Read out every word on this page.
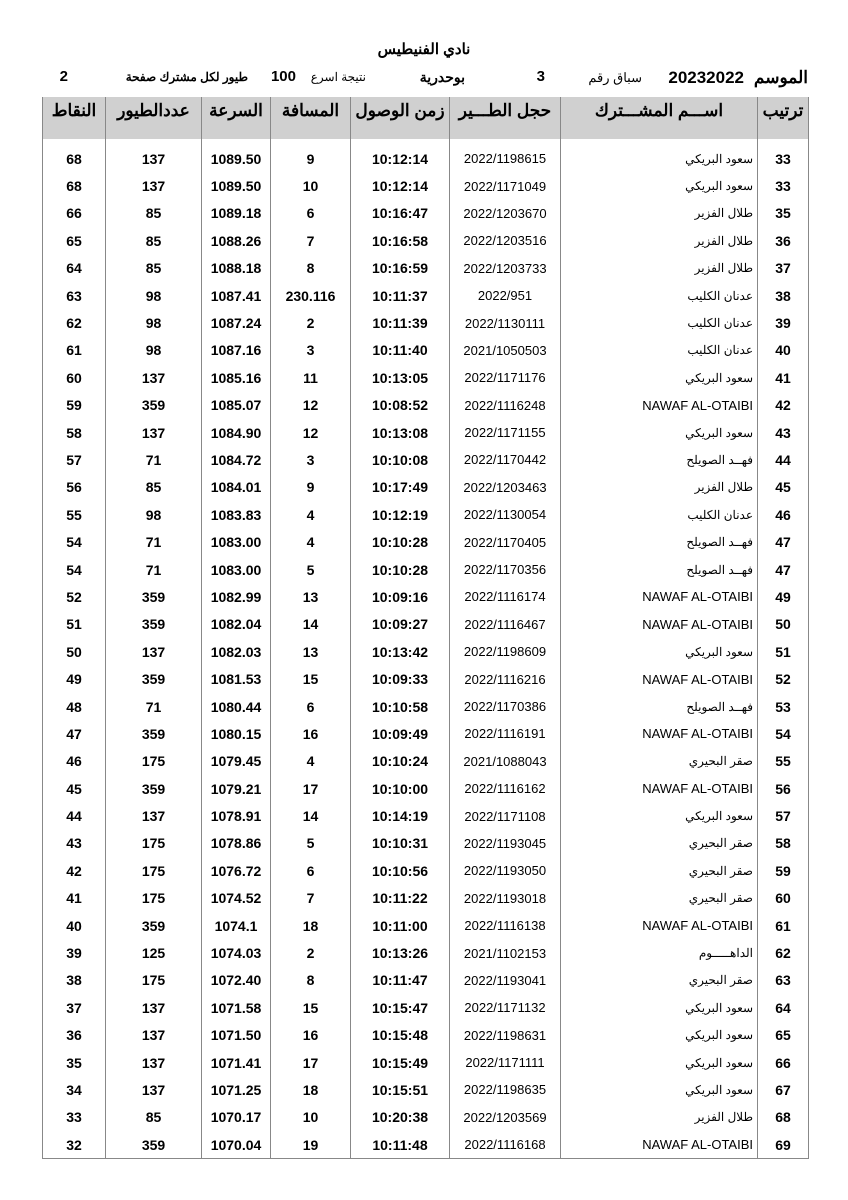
نادي الفنيطيس
الموسم
20232022
سباق رقم
3
بوحدرية
نتيجة اسرع
100
طيور لكل مشترك صفحة
2
ترتيب	اســـم المشـــترك	حجل الطـــير	زمن الوصول	المسافة	السرعة	عددالطيور	النقاط

33	سعود البريكي	2022/1198615	10:12:14	9	1089.50	137	68
33	سعود البريكي	2022/1171049	10:12:14	10	1089.50	137	68
35	طلال الفزير	2022/1203670	10:16:47	6	1089.18	85	66
36	طلال الفزير	2022/1203516	10:16:58	7	1088.26	85	65
37	طلال الفزير	2022/1203733	10:16:59	8	1088.18	85	64
38	عدنان الكليب	2022/951	10:11:37	230.116	1087.41	98	63
39	عدنان الكليب	2022/1130111	10:11:39	2	1087.24	98	62
40	عدنان الكليب	2021/1050503	10:11:40	3	1087.16	98	61
41	سعود البريكي	2022/1171176	10:13:05	11	1085.16	137	60
42	NAWAF AL-OTAIBI	2022/1116248	10:08:52	12	1085.07	359	59
43	سعود البريكي	2022/1171155	10:13:08	12	1084.90	137	58
44	فهــد الصويلح	2022/1170442	10:10:08	3	1084.72	71	57
45	طلال الفزير	2022/1203463	10:17:49	9	1084.01	85	56
46	عدنان الكليب	2022/1130054	10:12:19	4	1083.83	98	55
47	فهــد الصويلح	2022/1170405	10:10:28	4	1083.00	71	54
47	فهــد الصويلح	2022/1170356	10:10:28	5	1083.00	71	54
49	NAWAF AL-OTAIBI	2022/1116174	10:09:16	13	1082.99	359	52
50	NAWAF AL-OTAIBI	2022/1116467	10:09:27	14	1082.04	359	51
51	سعود البريكي	2022/1198609	10:13:42	13	1082.03	137	50
52	NAWAF AL-OTAIBI	2022/1116216	10:09:33	15	1081.53	359	49
53	فهــد الصويلح	2022/1170386	10:10:58	6	1080.44	71	48
54	NAWAF AL-OTAIBI	2022/1116191	10:09:49	16	1080.15	359	47
55	صقر البحيري	2021/1088043	10:10:24	4	1079.45	175	46
56	NAWAF AL-OTAIBI	2022/1116162	10:10:00	17	1079.21	359	45
57	سعود البريكي	2022/1171108	10:14:19	14	1078.91	137	44
58	صقر البحيري	2022/1193045	10:10:31	5	1078.86	175	43
59	صقر البحيري	2022/1193050	10:10:56	6	1076.72	175	42
60	صقر البحيري	2022/1193018	10:11:22	7	1074.52	175	41
61	NAWAF AL-OTAIBI	2022/1116138	10:11:00	18	1074.1	359	40
62	الداهـــــوم	2021/1102153	10:13:26	2	1074.03	125	39
63	صقر البحيري	2022/1193041	10:11:47	8	1072.40	175	38
64	سعود البريكي	2022/1171132	10:15:47	15	1071.58	137	37
65	سعود البريكي	2022/1198631	10:15:48	16	1071.50	137	36
66	سعود البريكي	2022/1171111	10:15:49	17	1071.41	137	35
67	سعود البريكي	2022/1198635	10:15:51	18	1071.25	137	34
68	طلال الفزير	2022/1203569	10:20:38	10	1070.17	85	33
69	NAWAF AL-OTAIBI	2022/1116168	10:11:48	19	1070.04	359	32
